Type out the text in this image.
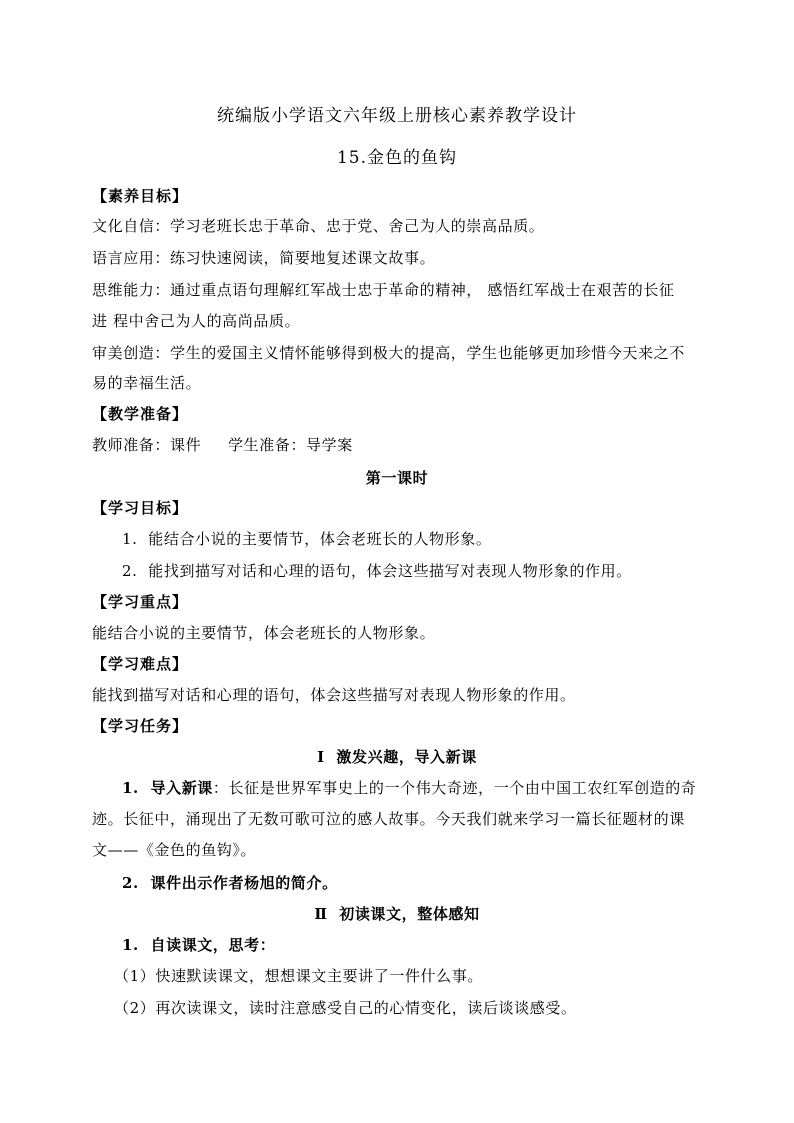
统编版小学语文六年级上册核心素养教学设计
15.金色的鱼钩
【素养目标】
文化自信：学习老班长忠于革命、忠于党、舍己为人的崇高品质。
语言应用：练习快速阅读，简要地复述课文故事。
思维能力：通过重点语句理解红军战士忠于革命的精神， 感悟红军战士在艰苦的长征
进 程中舍己为人的高尚品质。
审美创造：学生的爱国主义情怀能够得到极大的提高，学生也能够更加珍惜今天来之不
易的幸福生活。
【教学准备】
教师准备：课件     学生准备：导学案
第一课时
【学习目标】
1.  能结合小说的主要情节，体会老班长的人物形象。
2.  能找到描写对话和心理的语句，体会这些描写对表现人物形象的作用。
【学习重点】
能结合小说的主要情节，体会老班长的人物形象。
【学习难点】
能找到描写对话和心理的语句，体会这些描写对表现人物形象的作用。
【学习任务】
Ⅰ  激发兴趣，导入新课
1.  导入新课：长征是世界军事史上的一个伟大奇迹，一个由中国工农红军创造的奇
迹。长征中，涌现出了无数可歌可泣的感人故事。今天我们就来学习一篇长征题材的课
文——《金色的鱼钩》。
2.  课件出示作者杨旭的简介。
Ⅱ  初读课文，整体感知
1.  自读课文，思考：
（1）快速默读课文，想想课文主要讲了一件什么事。
（2）再次读课文，读时注意感受自己的心情变化，读后谈谈感受。
